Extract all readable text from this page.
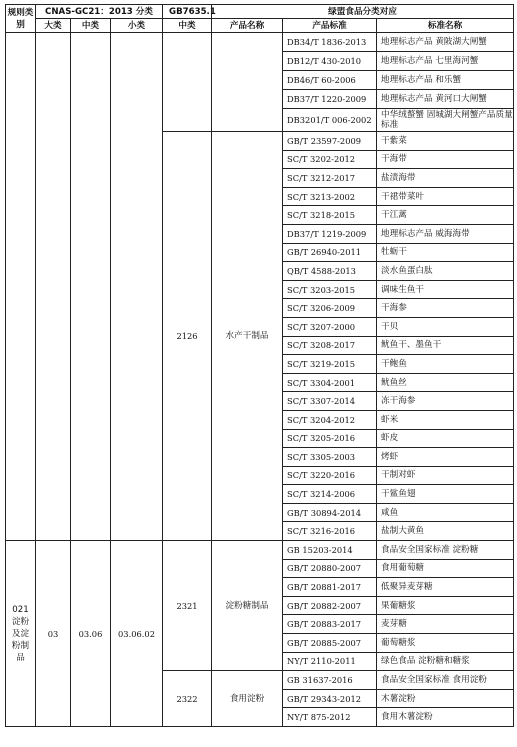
规则类别	CNAS-GC21：2013 分类			GB7635.1	绿盟食品分类对应		
	大类	中类	小类	中类	产品名称	产品标准	标准名称
						DB34/T 1836-2013	地理标志产品 黄陂湖大闸蟹
						DB12/T 430-2010	地理标志产品 七里海河蟹
						DB46/T 60-2006	地理标志产品 和乐蟹
						DB37/T 1220-2009	地理标志产品 黄河口大闸蟹
						DB3201/T 006-2002	中华绒螯蟹 固城湖大闸蟹产品质量标准
				2126	水产干制品	GB/T 23597-2009	干紫菜
						SC/T 3202-2012	干海带
						SC/T 3212-2017	盐渍海带
						SC/T 3213-2002	干裙带菜叶
						SC/T 3218-2015	干江蓠
						DB37/T 1219-2009	地理标志产品 威海海带
						GB/T 26940-2011	牡蛎干
						QB/T 4588-2013	淡水鱼蛋白肽
						SC/T 3203-2015	调味生鱼干
						SC/T 3206-2009	干海参
						SC/T 3207-2000	干贝
						SC/T 3208-2017	鱿鱼干、墨鱼干
						SC/T 3219-2015	干鲍鱼
						SC/T 3304-2001	鱿鱼丝
						SC/T 3307-2014	冻干海参
						SC/T 3204-2012	虾米
						SC/T 3205-2016	虾皮
						SC/T 3305-2003	烤虾
						SC/T 3220-2016	干制对虾
						SC/T 3214-2006	干鲨鱼翅
						GB/T 30894-2014	咸鱼
						SC/T 3216-2016	盐制大黄鱼

021淀粉及淀粉制品	03	03.06	03.06.02	2321	淀粉糖制品	GB 15203-2014	食品安全国家标准 淀粉糖
						GB/T 20880-2007	食用葡萄糖
						GB/T 20881-2017	低聚异麦芽糖
						GB/T 20882-2007	果葡糖浆
						GB/T 20883-2017	麦芽糖
						GB/T 20885-2007	葡萄糖浆
						NY/T 2110-2011	绿色食品 淀粉糖和糖浆
				2322	食用淀粉	GB 31637-2016	食品安全国家标准 食用淀粉
						GB/T 29343-2012	木薯淀粉
						NY/T 875-2012	食用木薯淀粉
